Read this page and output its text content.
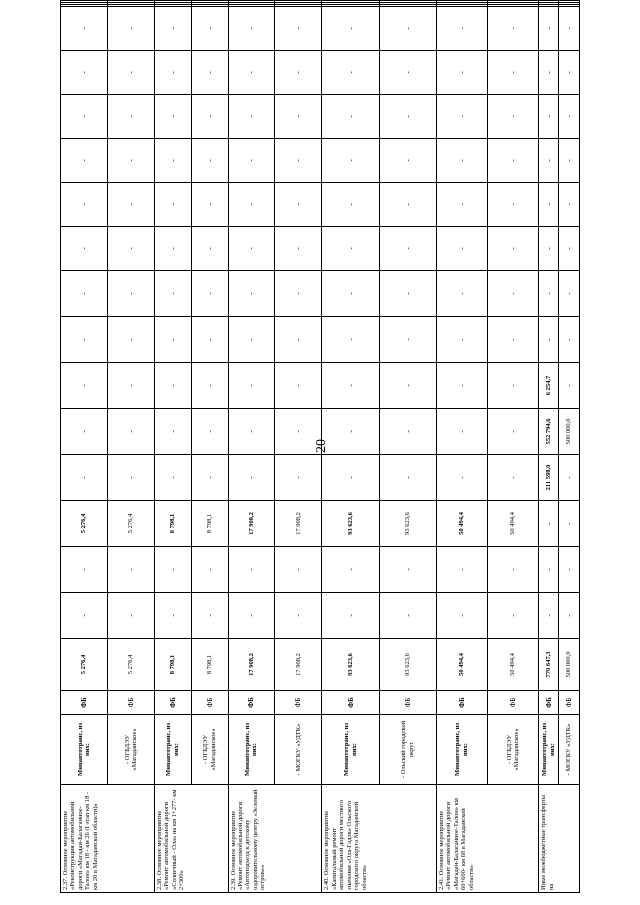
20
2.37. Основное мероприятие «Реконструкция автомобильной дороги «Магадан-Балаганное-Талон» км 18 - км 26 (I этап км 18 - км 20 в Магаданской области)»	Минавтотранс, из них:	ФБ	5 276,4	-	-	5 276,4	-	-	-	-	-	-	-	-	-	-	-			
	- ОГБДЭУ «Магаданское»	ФБ	5 276,4	-	-	5 276,4	-	-	-	-	-	-	-	-	-	-	-			
2.38. Основное мероприятие «Ремонт автомобильной дороги «Солнечный - Ола» на км 1+277- км 2+300»	Минавтотранс, из них:	ФБ	8 798,1	-	-	8 798,1	-	-	-	-	-	-	-	-	-	-	-			
	- ОГБДЭУ «Магаданское»	ФБ	8 798,1	-	-	8 798,1	-	-	-	-	-	-	-	-	-	-	-			
2.39. Основное мероприятие «Ремонт автомобильной дороги «Автоподъезд к детскому оздоровительному центру «Зеленый остров»»	Минавтотранс, из них:	ФБ	17 908,2	-	-	17 908,2	-	-	-	-	-	-	-	-	-	-	-			
	- МОГКУ «УДТК»	ФБ	17 908,2	-	-	17 908,2	-	-	-	-	-	-	-	-	-	-	-			
2.40. Основное мероприятие «Капитальный ремонт автомобильной дороги местного значения «Ола-Гадля» Ольского городского округа Магаданской области»	Минавтотранс, из них:	ФБ	93 623,6	-	-	93 623,6	-	-	-	-	-	-	-	-	-	-	-			
	- Ольский городской округ	ФБ	93 623,6	-	-	93 623,6	-	-	-	-	-	-	-	-	-	-	-			
2.41. Основное мероприятие «Ремонт автомобильной дороги «Магадан-Балаганное-Талон» км 60+600- км 68 в Магаданской области»	Минавтотранс, из них:	ФБ	50 494,4	-	-	50 494,4	-	-	-	-	-	-	-	-	-	-	-			
	- ОГБДЭУ «Магаданское»	ФБ	50 494,4	-	-	50 494,4	-	-	-	-	-	-	-	-	-	-	-			
Иные межбюджетные трансферты на	Минавтотранс, из них:	ФБ	770 647,3	-	-	-	211 598,0	552 794,6	6 254,7	-	-	-	-	-	-	-	-			
	- МОГКУ «УДТК»	ФБ	500 000,0	-	-	-	-	500 000,0	-	-	-	-	-	-	-	-	-			
